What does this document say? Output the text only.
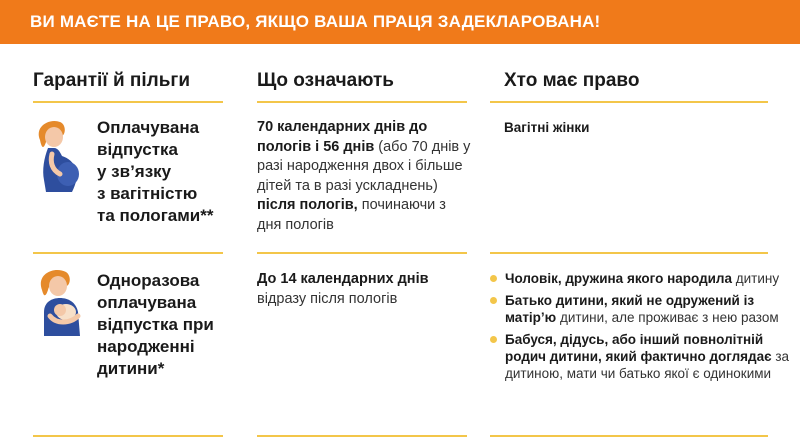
ВИ МАЄТЕ НА ЦЕ ПРАВО, ЯКЩО ВАША ПРАЦЯ ЗАДЕКЛАРОВАНА!
Гарантії й пільги	Що означають	Хто має право
Оплачувана
відпустка
у зв’язку
з вагітністю
та пологами**
70 календарних днів до пологів і 56 днів (або 70 днів у разі народження двох і більше дітей та в разі ускладнень) після пологів, починаючи з дня пологів
Вагітні жінки
Одноразова
оплачувана
відпустка при
народженні
дитини*
До 14 календарних днів відразу після пологів
Чоловік, дружина якого народила дитину
Батько дитини, який не одружений із матір’ю дитини, але проживає з нею разом
Бабуся, дідусь, або інший повнолітній родич дитини, який фактично доглядає за дитиною, мати чи батько якої є одинокими
